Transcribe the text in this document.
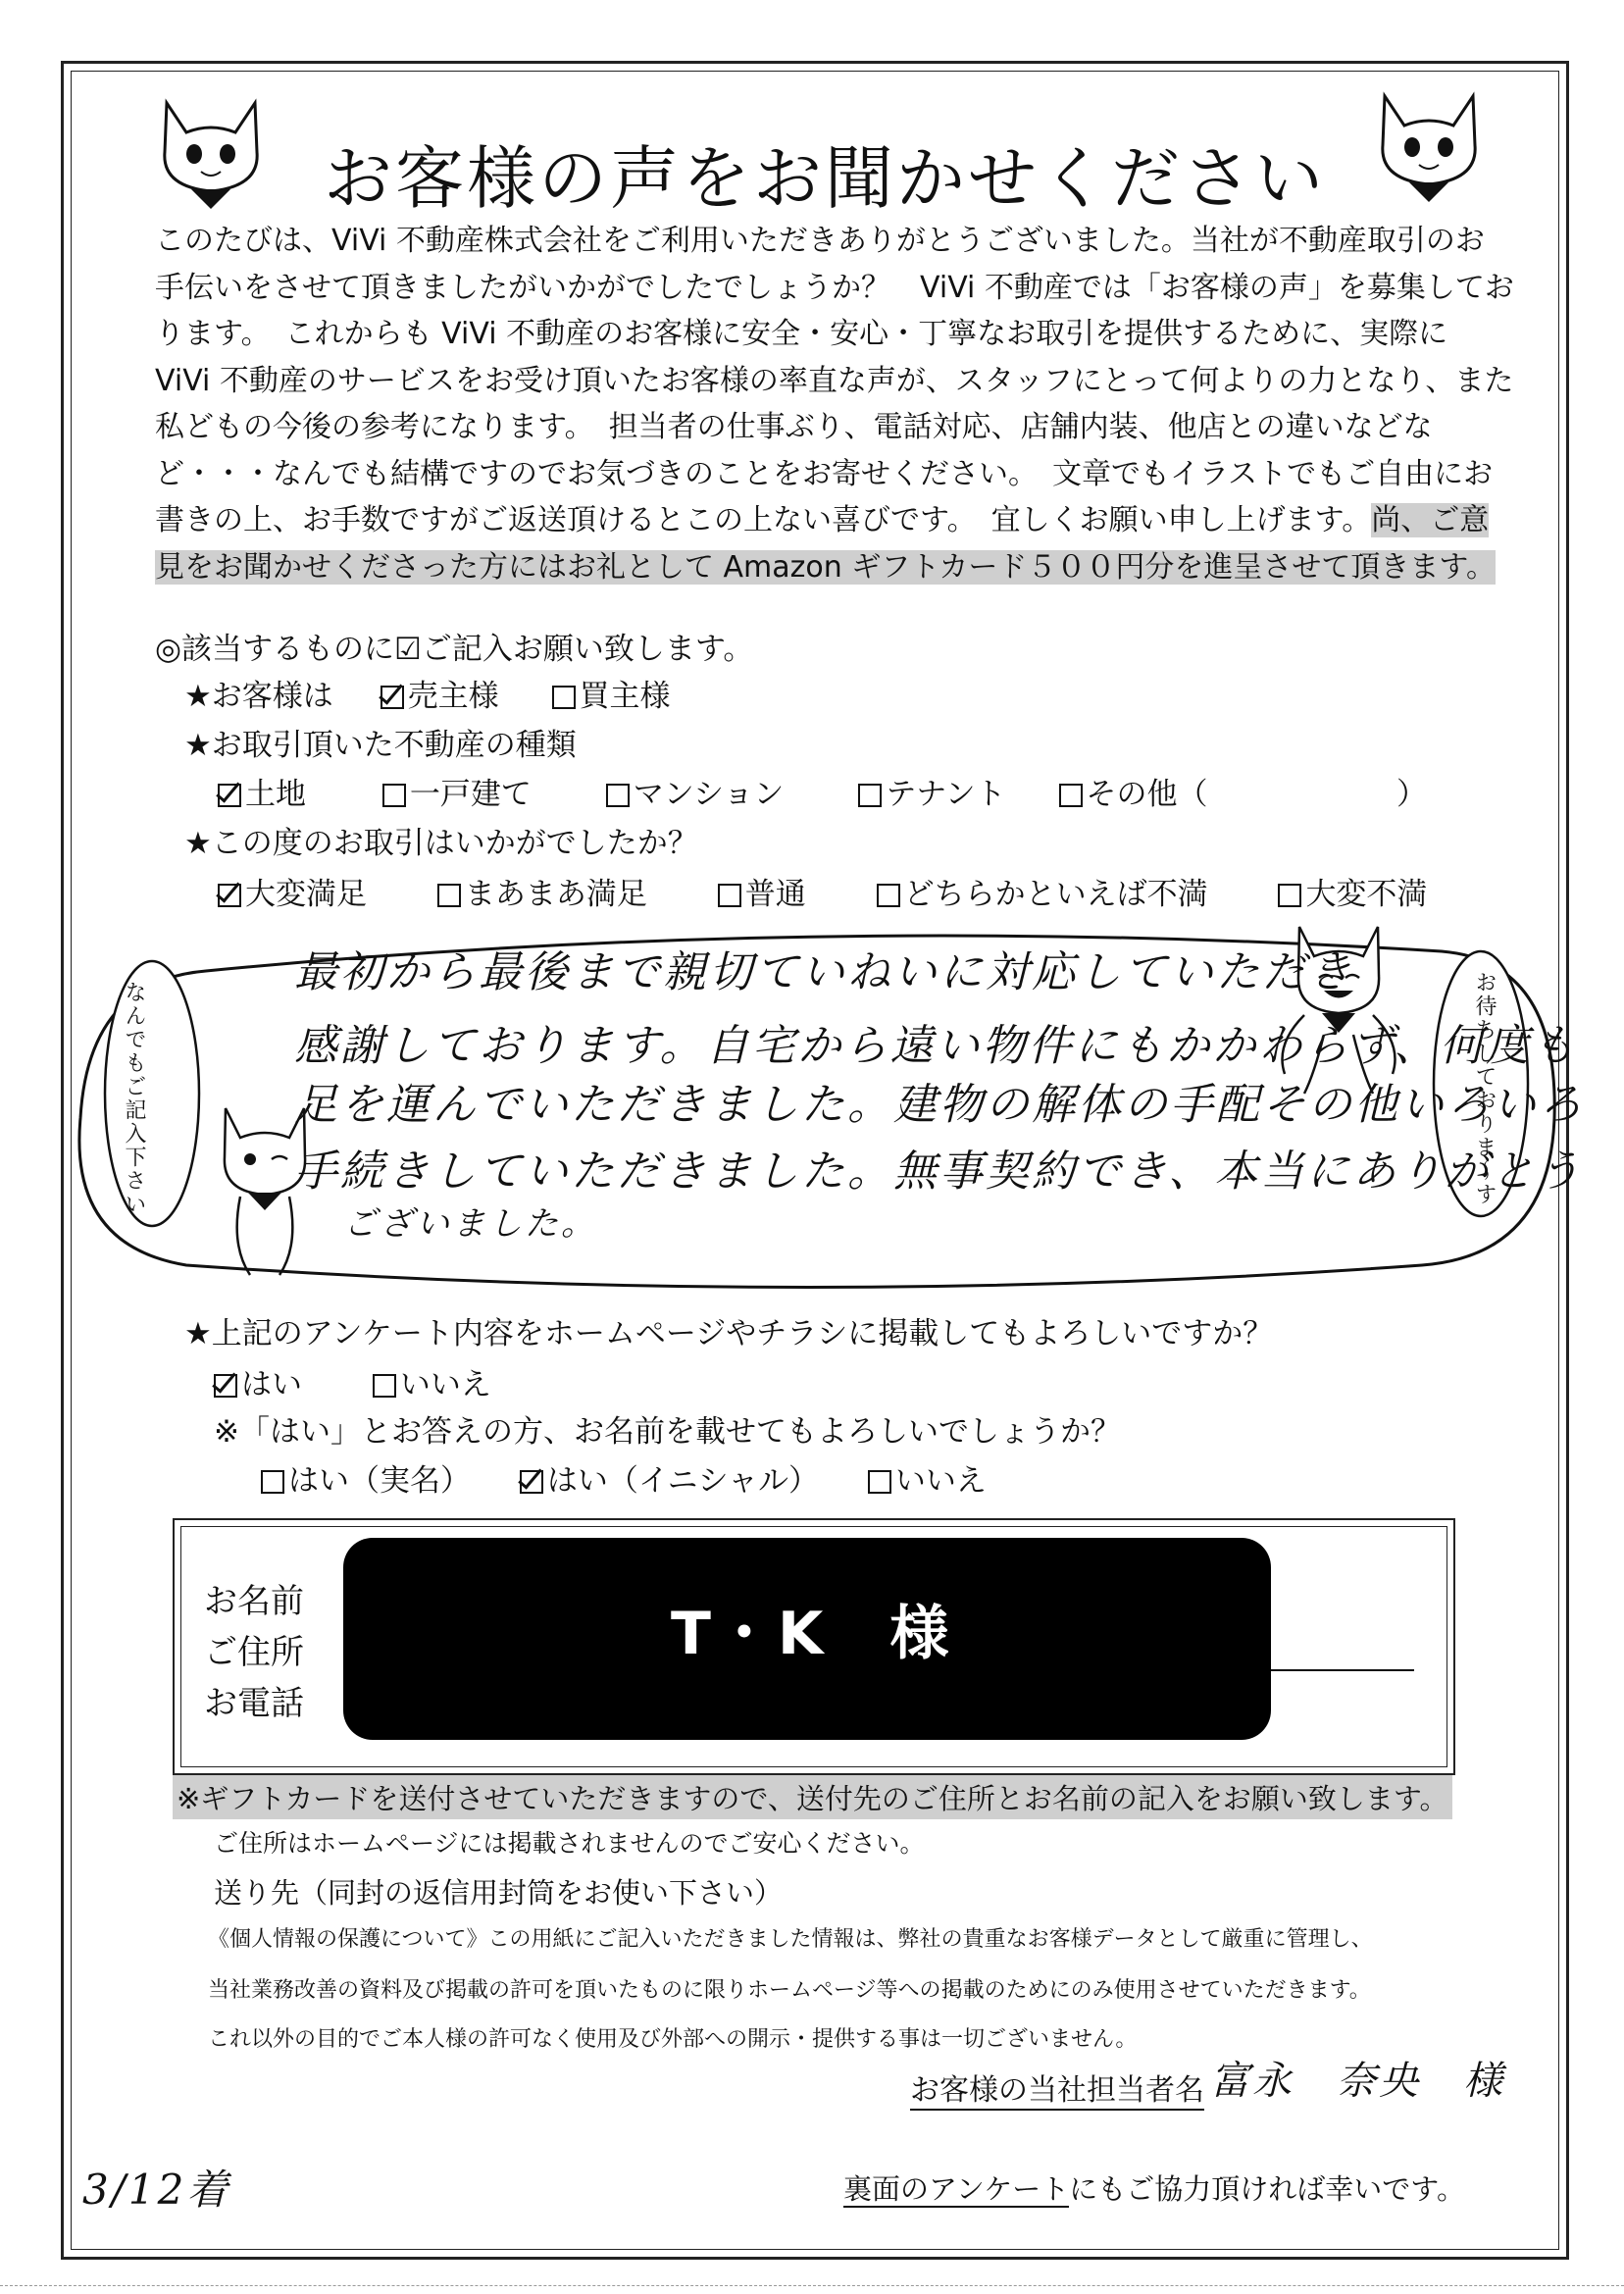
お客様の声をお聞かせください

このたびは、ViVi 不動産株式会社をご利用いただきありがとうございました。当社が不動産取引のお

手伝いをさせて頂きましたがいかがでしたでしょうか？　ViVi 不動産では「お客様の声」を募集してお

ります。　これからも ViVi 不動産のお客様に安全・安心・丁寧なお取引を提供するために、実際に

ViVi 不動産のサービスをお受け頂いたお客様の率直な声が、スタッフにとって何よりの力となり、また

私どもの今後の参考になります。　担当者の仕事ぶり、電話対応、店舗内装、他店との違いなどな

ど・・・なんでも結構ですのでお気づきのことをお寄せください。　文章でもイラストでもご自由にお

書きの上、お手数ですがご返送頂けるとこの上ない喜びです。　宜しくお願い申し上げます。尚、ご意

見をお聞かせくださった方にはお礼として Amazon ギフトカード５００円分を進呈させて頂きます。

◎該当するものに☑ご記入お願い致します。
★お客様は 売主様	買主様
★お取引頂いた不動産の種類
土地	一戸建て	マンション	テナント	その他（	）
★この度のお取引はいかがでしたか？
大変満足	まあまあ満足	普通	どちらかといえば不満	大変不満
なんでもご記入下さい	お待ちしておりま～す
最初から最後まで親切ていねいに対応していただき
感謝しております。自宅から遠い物件にもかかわらず、何度も
足を運んでいただきました。建物の解体の手配その他いろいろ
手続きしていただきました。無事契約でき、本当にありがとう
ございました。
★上記のアンケート内容をホームページやチラシに掲載してもよろしいですか？
はい	いいえ
※「はい」とお答えの方、お名前を載せてもよろしいでしょうか？
はい（実名）	はい（イニシャル）	いいえ
お名前
ご住所
お電話
T・K　様
※ギフトカードを送付させていただきますので、送付先のご住所とお名前の記入をお願い致します。
ご住所はホームページには掲載されませんのでご安心ください。
送り先（同封の返信用封筒をお使い下さい）
《個人情報の保護について》この用紙にご記入いただきました情報は、弊社の貴重なお客様データとして厳重に管理し、
当社業務改善の資料及び掲載の許可を頂いたものに限りホームページ等への掲載のためにのみ使用させていただきます。
これ以外の目的でご本人様の許可なく使用及び外部への開示・提供する事は一切ございません。
お客様の当社担当者名 富永　奈央　様
3/12着	裏面のアンケートにもご協力頂ければ幸いです。
